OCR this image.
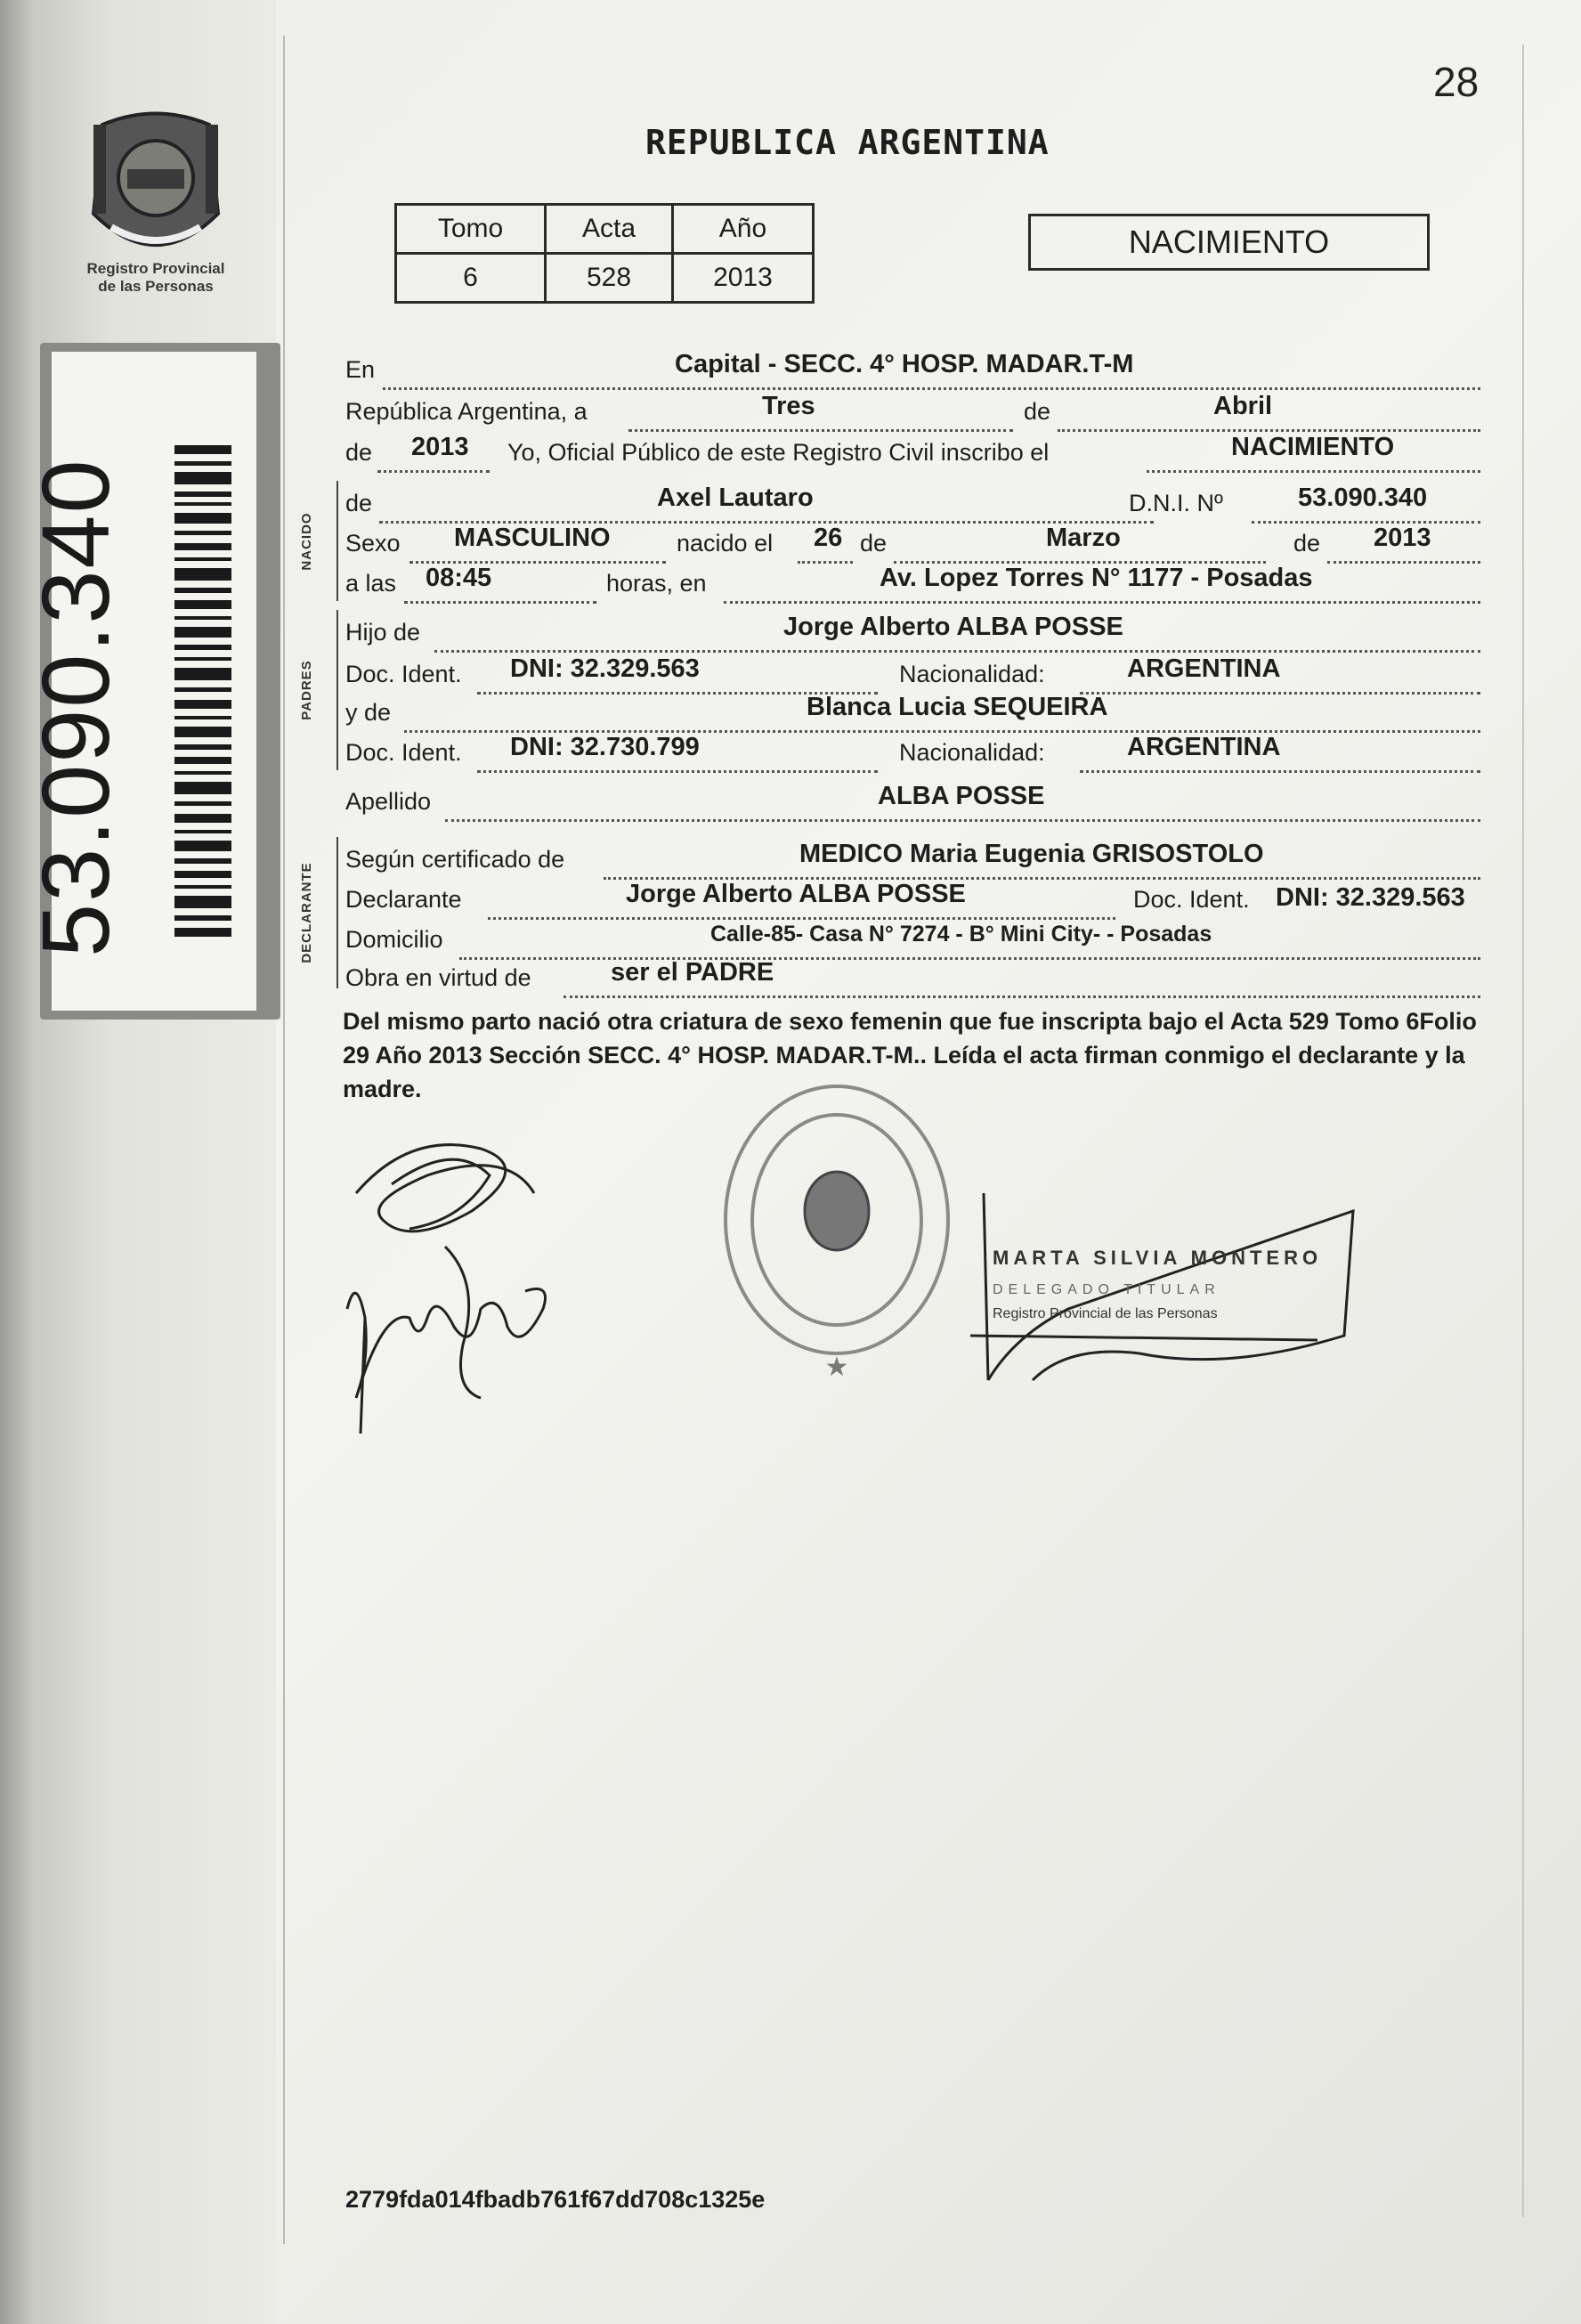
Registro Provincial
de las Personas
53.090.340
28
REPUBLICA ARGENTINA
Tomo	Acta	Año
6	528	2013
NACIMIENTO
En	Capital - SECC. 4° HOSP. MADAR.T-M
República Argentina, a	Tres	de	Abril
de 2013 Yo, Oficial Público de este Registro Civil inscribo el	NACIMIENTO
NACIDO
de	Axel Lautaro	D.N.I. Nº	53.090.340
Sexo MASCULINO	nacido el 26 de	Marzo	de 2013
a las 08:45	horas, en	Av. Lopez Torres N° 1177 - Posadas
PADRES
Hijo de	Jorge Alberto ALBA POSSE
Doc. Ident. DNI: 32.329.563	Nacionalidad:	ARGENTINA
y de	Blanca Lucia SEQUEIRA
Doc. Ident. DNI: 32.730.799	Nacionalidad:	ARGENTINA
Apellido	ALBA POSSE
DECLARANTE
Según certificado de	MEDICO Maria Eugenia GRISOSTOLO
Declarante	Jorge Alberto ALBA POSSE	Doc. Ident. DNI: 32.329.563
Domicilio	Calle-85- Casa N° 7274 - B° Mini City- - Posadas
Obra en virtud de	ser el PADRE
Del mismo parto nació otra criatura de sexo femenin que fue inscripta bajo el Acta 529 Tomo 6Folio 29 Año 2013 Sección SECC. 4° HOSP. MADAR.T-M.. Leída el acta firman conmigo el declarante y la madre.
★
MARTA SILVIA MONTERO
DELEGADO TITULAR
Registro Provincial de las Personas
2779fda014fbadb761f67dd708c1325e
